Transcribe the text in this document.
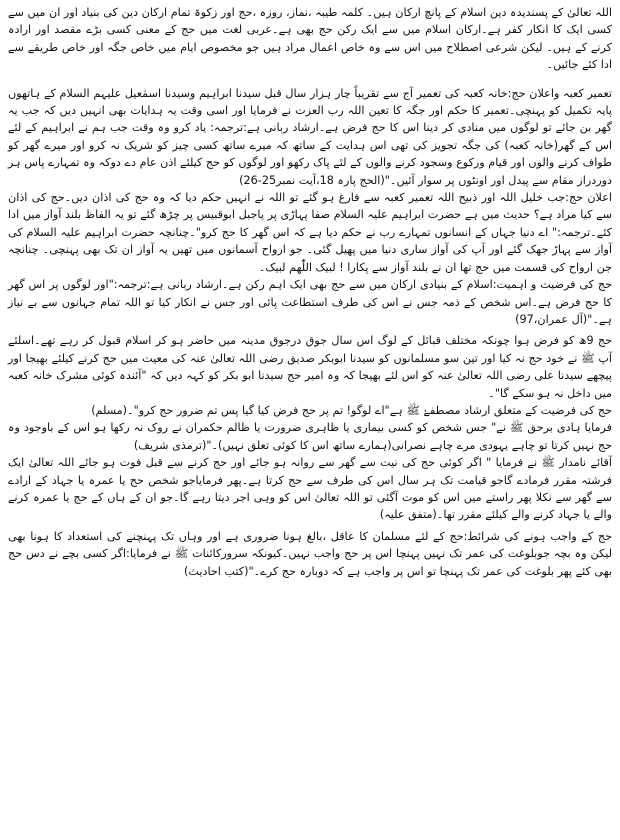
اللہ تعالیٰ کے پسندیدہ دین اسلام کے پانچ ارکان ہیں۔ کلمہ طیبہ ،نماز، روزہ ،حج اور زکوۃ تمام ارکان دین کی بنیاد اور ان میں سے کسی ایک کا انکار کفر ہے۔ارکان اسلام میں سے ایک رکن حج بھی ہے۔عربی لغت میں حج کے معنی کسی بڑے مقصد اور ارادہ کرنے کے ہیں۔ لیکن شرعی اصطلاح میں اس سے وہ خاص اعمال مراد ہیں جو مخصوص ایام میں خاص جگہ اور خاص طریقے سے ادا کئے جائیں۔

تعمیر کعبہ واعلان حج:خانہ کعبہ کی تعمیر آج سے تقریباً چار ہزار سال قبل سیدنا ابراہیم وسیدنا اسمٰعیل علیہم السلام کے ہاتھوں پایہ تکمیل کو پہنچی۔تعمیر کا حکم اور جگہ کا تعین اللہ رب العزت نے فرمایا اور اسی وقت یہ ہدایات بھی انہیں دیں کہ جب یہ گھر بن جائے تو لوگوں میں منادی کر دینا اس کا حج فرض ہے۔ارشاد ربانی ہے:ترجمہ: یاد کرو وہ وقت جب ہم نے ابراہیم کے لئے اس کے گھر(خانہ کعبہ) کی جگہ تجویز کی تھی اس ہدایت کے ساتھ کہ میرے ساتھ کسی چیز کو شریک نہ کرو اور میرے گھر کو طواف کرنے والوں اور قیام ورکوع وسجود کرنے والوں کے لئے پاک رکھو اور لوگوں کو حج کیلئے اذن عام دے دوکہ وہ تمہارے پاس ہر دوردراز مقام سے پیدل اور اونٹوں پر سوار آئیں۔"(الحج پارہ 18،آیت نمبر25-26)

اعلان حج:جب خلیل اللہ اور ذبیح اللہ تعمیر کعبہ سے فارغ ہو گئے تو اللہ نے انہیں حکم دیا کہ وہ حج کی اذان دیں۔حج کی اذان سے کیا مراد ہے؟ حدیث میں ہے حضرت ابراہیم علیہ السلام صفا پہاڑی پر یاجبل ابوقبیس پر چڑھ گئے تو یہ الفاظ بلند آواز میں ادا کئے۔ترجمہ:" اے دنیا جہاں کے انسانوں تمہارے رب نے حکم دیا ہے کہ اس گھر کا حج کرو"۔چنانچہ حضرت ابراہیم علیہ السلام کی آواز سے پہاڑ جھک گئے اور آپ کی آواز ساری دنیا میں پھیل گئی۔ جو ارواح آسمانوں میں تھیں یہ آواز ان تک بھی پہنچی۔ چنانچہ جن ارواح کی قسمت میں حج تھا ان نے بلند آواز سے پکارا ! لبیک اللّٰھم لبیک۔

حج کی فرضیت و اہمیت:اسلام کے بنیادی ارکان میں سے حج بھی ایک اہم رکن ہے۔ارشاد ربانی ہے:ترجمہ:"اور لوگوں پر اس گھر کا حج فرض ہے۔اس شخص کے ذمہ جس نے اس کی طرف استطاعت پائی اور جس نے انکار کیا تو اللہ تمام جہانوں سے بے نیاز ہے۔"(آل عمران،97)

حج 9ھ کو فرض ہوا چونکہ مختلف قبائل کے لوگ اس سال جوق درجوق مدینہ میں حاضر ہو کر اسلام قبول کر رہے تھے۔اسلئے آپ ﷺ نے خود حج نہ کیا اور تین سو مسلمانوں کو سیدنا ابوبکر صدیق رضی اللہ تعالیٰ عنہ کی معیت میں حج کرنے کیلئے بھیجا اور پیچھے سیدنا علی رضی اللہ تعالیٰ عنہ کو اس لئے بھیجا کہ وہ امیر حج سیدنا ابو بکر کو کہہ دیں کہ "آئندہ کوئی مشرک خانہ کعبہ میں داخل نہ ہو سکے گا"۔

حج کی فرضیت کے متعلق ارشاد مصطفےٰ ﷺ ہے"اے لوگو! تم پر حج فرض کیا گیا پس تم ضرور حج کرو"۔(مسلم)

فرمایا ہادی برحق ﷺ نے" جس شخص کو کسی بیماری یا ظاہری ضرورت یا ظالم حکمران نے روک نہ رکھا ہو اس کے باوجود وہ حج نہیں کرتا تو چاہے یہودی مرے چاہے نصرانی(ہمارے ساتھ اس کا کوئی تعلق نہیں)۔"(ترمذی شریف)

آقائے نامدار ﷺ نے فرمایا " اگر کوئی حج کی نیت سے گھر سے روانہ ہو جائے اور حج کرنے سے قبل فوت ہو جائے اللہ تعالیٰ ایک فرشتہ مقرر فرمادے گاجو قیامت تک ہر سال اس کی طرف سے حج کرتا ہے۔پھر فرمایاجو شخص حج یا عمرہ یا جہاد کے ارادے سے گھر سے نکلا پھر راستے میں اس کو موت آگئی تو اللہ تعالیٰ اس کو وہی اجر دیتا رہے گا۔جو ان کے ہاں کے حج یا عمرہ کرنے والے یا جہاد کرنے والے کیلئے مقرر تھا۔(متفق علیہ)

حج کے واجب ہونے کی شرائط:حج کے لئے مسلمان کا عاقل ،بالغ ہونا ضروری ہے اور وہاں تک پہنچنے کی استعداد کا ہونا بھی لیکن وہ بچہ جوبلوغت کی عمر تک نہیں پہنچا اس پر حج واجب نہیں۔کیونکہ سرورکائنات ﷺ نے فرمایا:اگر کسی بچے نے دس حج بھی کئے پھر بلوغت کی عمر تک پہنچا تو اس پر واجب ہے کہ دوبارہ حج کرے۔"(کتب احادیث)
